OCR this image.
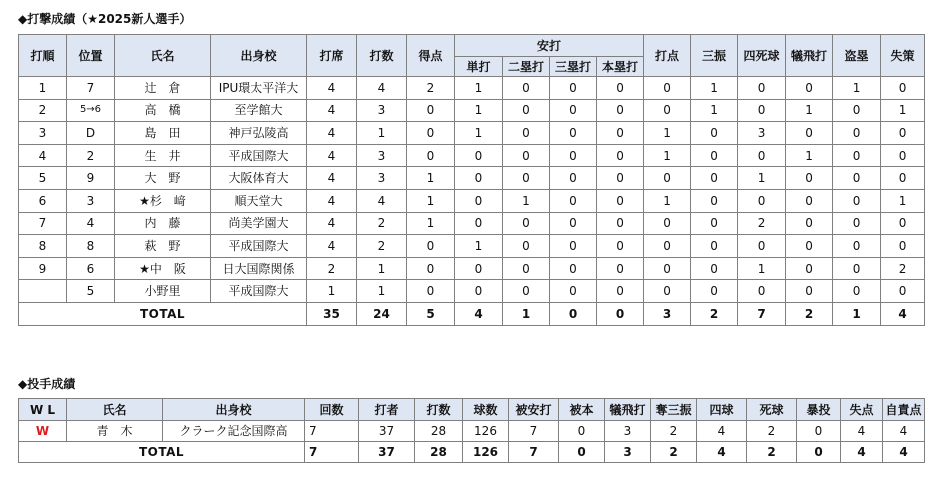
◆打撃成績（★2025新人選手）
打順	位置	氏名	出身校	打席	打数	得点	安打				打点	三振	四死球	犠飛打	盗塁	失策
							単打	二塁打	三塁打	本塁打						
1	7	辻　倉	IPU環太平洋大	4	4	2	1	0	0	0	0	1	0	0	1	0
2	5→6	高　橋	至学館大	4	3	0	1	0	0	0	0	1	0	1	0	1
3	D	島　田	神戸弘陵高	4	1	0	1	0	0	0	1	0	3	0	0	0
4	2	生　井	平成国際大	4	3	0	0	0	0	0	1	0	0	1	0	0
5	9	大　野	大阪体育大	4	3	1	0	0	0	0	0	0	1	0	0	0
6	3	★杉　﨑	順天堂大	4	4	1	0	1	0	0	1	0	0	0	0	1
7	4	内　藤	尚美学園大	4	2	1	0	0	0	0	0	0	2	0	0	0
8	8	萩　野	平成国際大	4	2	0	1	0	0	0	0	0	0	0	0	0
9	6	★中　阪	日大国際関係	2	1	0	0	0	0	0	0	0	1	0	0	2
	5	小野里	平成国際大	1	1	0	0	0	0	0	0	0	0	0	0	0
TOTAL				35	24	5	4	1	0	0	3	2	7	2	1	4
◆投手成績
W L	氏名	出身校	回数	打者	打数	球数	被安打	被本	犠飛打	奪三振	四球	死球	暴投	失点	自責点
W	青　木	クラーク記念国際高	7	37	28	126	7	0	3	2	4	2	0	4	4
TOTAL			7	37	28	126	7	0	3	2	4	2	0	4	4
